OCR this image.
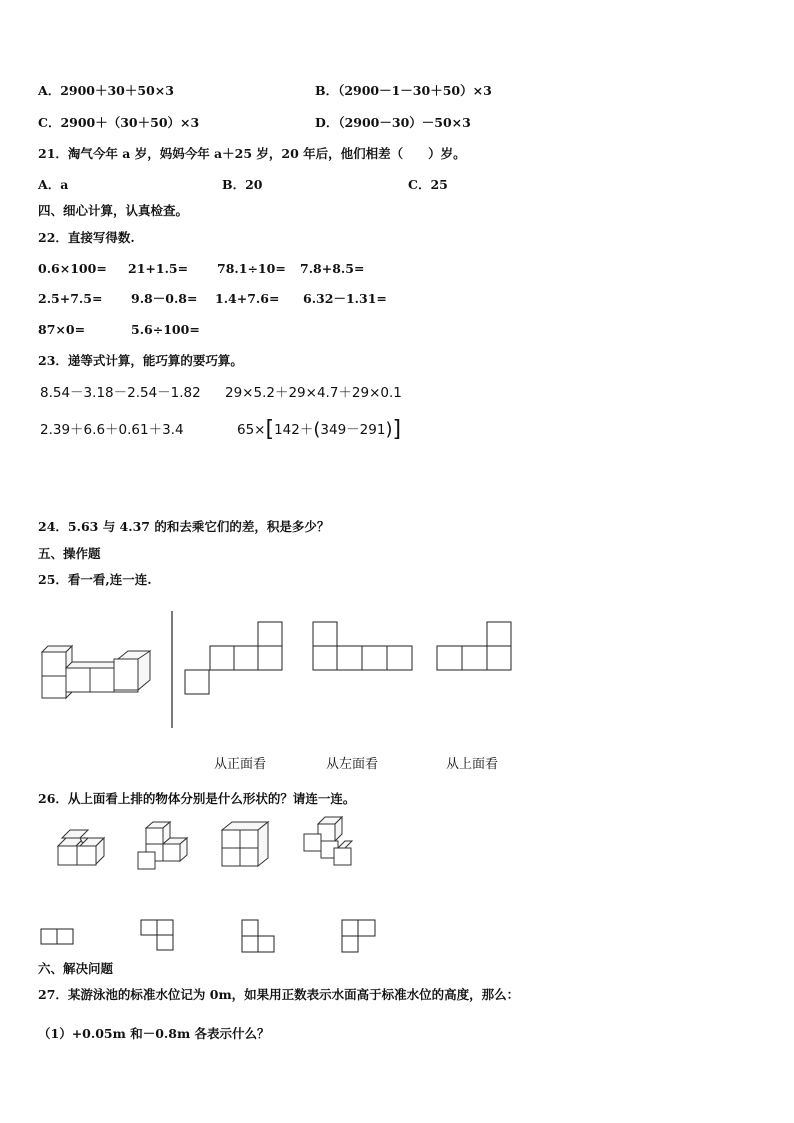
A．2900＋30＋50×3	B．（2900－1－30＋50）×3
C．2900＋（30＋50）×3	D．（2900－30）－50×3
21．淘气今年 a 岁，妈妈今年 a＋25 岁，20 年后，他们相差（　　）岁。
A．a	B．20	C．25
四、细心计算，认真检查。
22．直接写得数.
0.6×100= 21+1.5= 78.1÷10= 7.8+8.5=
2.5+7.5= 9.8－0.8= 1.4+7.6= 6.32－1.31=
87×0=	5.6÷100=
23．递等式计算，能巧算的要巧算。
8.54－3.18－2.54－1.82 29×5.2＋29×4.7＋29×0.1
2.39＋6.6＋0.61＋3.4	65× [ 142＋ ( 349－291 ) ]
24．5.63 与 4.37 的和去乘它们的差，积是多少？
五、操作题
25．看一看,连一连.
从正面看	从左面看	从上面看
26．从上面看上排的物体分别是什么形状的？请连一连。
六、解决问题
27．某游泳池的标准水位记为 0m，如果用正数表示水面高于标准水位的高度，那么：
（1）+0.05m 和－0.8m 各表示什么？
